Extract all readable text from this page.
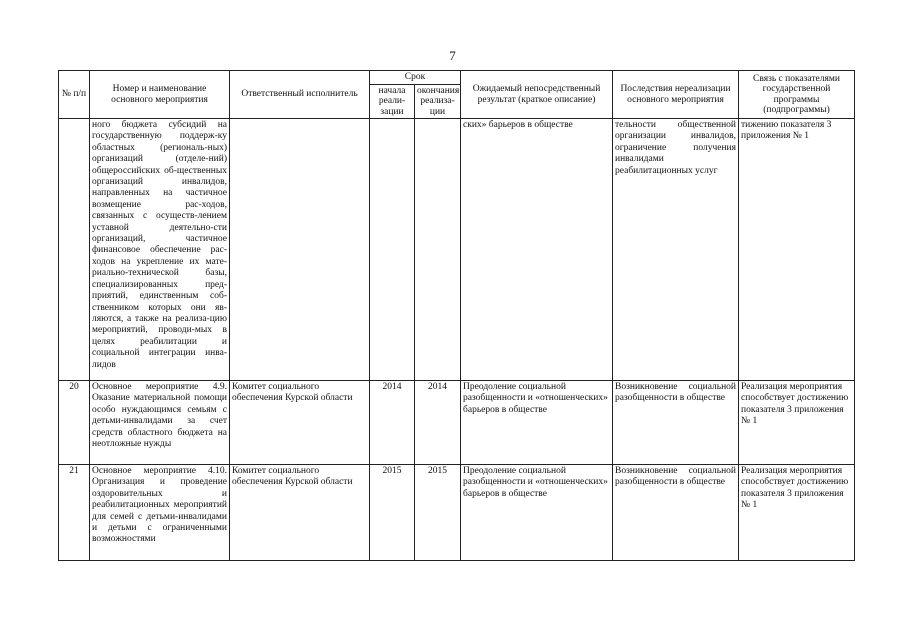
7
№ п/п	Номер и наименование основного мероприятия	Ответственный исполнитель	Срок		Ожидаемый непосредственный результат (краткое описание)	Последствия нереализации основного мероприятия	Связь с показателями государственной программы (подпрограммы)
			начала реали-зации	окончания реализа-ции			
	ного бюджета субсидий на государственную поддерж-ку областных (региональ-ных) организаций (отделе-ний) общероссийских об-щественных организаций инвалидов, направленных на частичное возмещение рас-ходов, связанных с осуществ-лением уставной деятельно-сти организаций, частичное финансовое обеспечение рас-ходов на укрепление их мате-риально-технической базы, специализированных пред-приятий, единственным соб-ственником которых они яв-ляются, а также на реализа-цию мероприятий, проводи-мых в целях реабилитации и социальной интеграции инва-лидов				ских» барьеров в обществе	тельности общественной организации инвалидов, ограничение получения инвалидами реабилитационных услуг	тижению показателя 3 приложения № 1
20	Основное мероприятие 4.9. Оказание материальной помощи особо нуждающимся семьям с детьми-инвалидами за счет средств областного бюджета на неотложные нужды	Комитет социального обеспечения Курской области	2014	2014	Преодоление социальной разобщенности и «отношенческих» барьеров в обществе	Возникновение социальной разобщенности в обществе	Реализация мероприятия способствует достижению показателя 3 приложения № 1
21	Основное мероприятие 4.10. Организация и проведение оздоровительных и реабилитационных мероприятий для семей с детьми-инвалидами и детьми с ограниченными возможностями	Комитет социального обеспечения Курской области	2015	2015	Преодоление социальной разобщенности и «отношенческих» барьеров в обществе	Возникновение социальной разобщенности в обществе	Реализация мероприятия способствует достижению показателя 3 приложения № 1
